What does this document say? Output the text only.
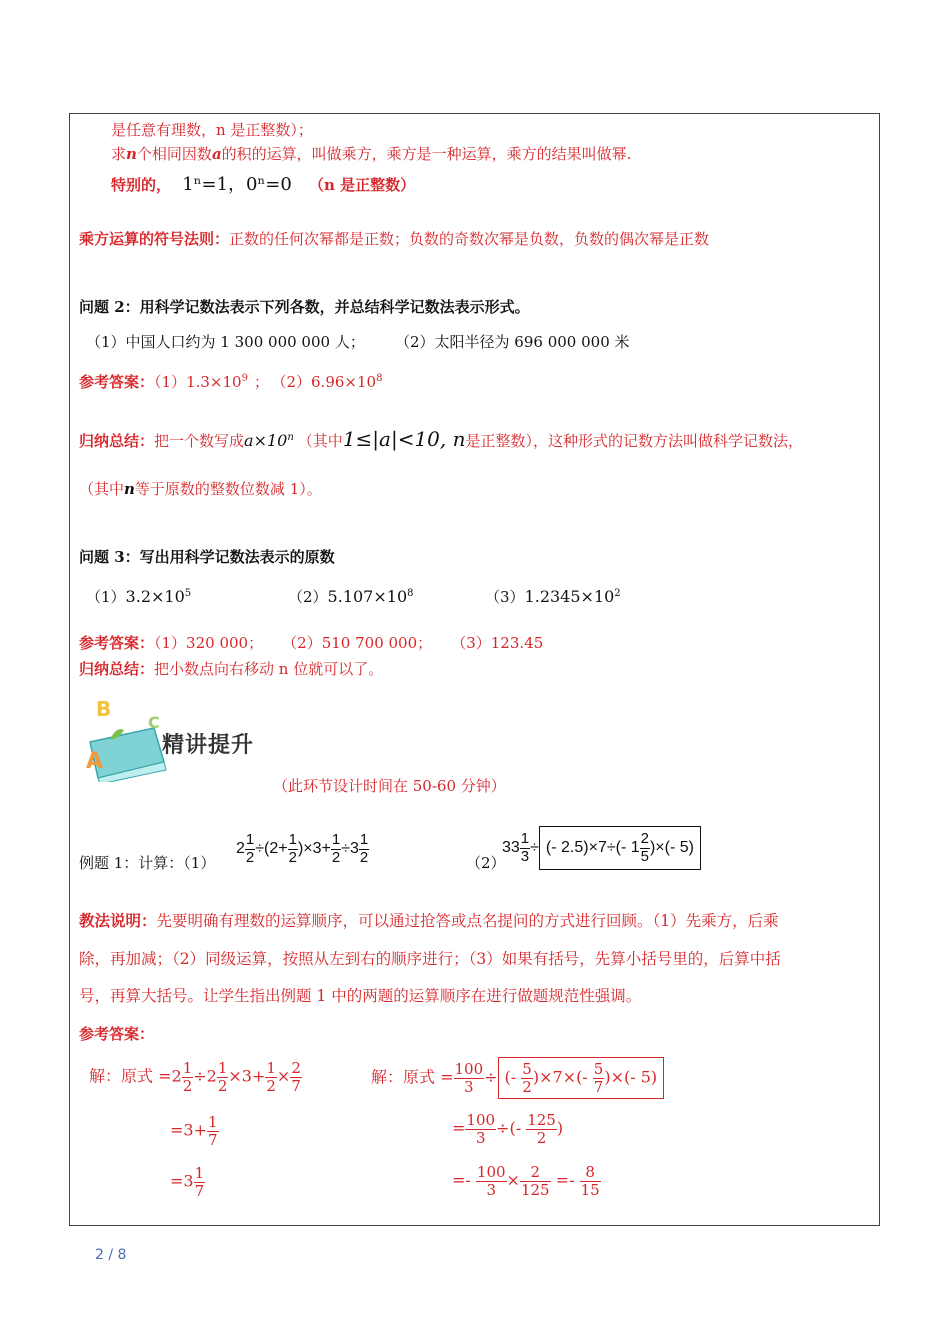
是任意有理数，n 是正整数）；
求n个相同因数a的积的运算，叫做乘方，乘方是一种运算，乘方的结果叫做幂.
特别的， 1ⁿ=1，0ⁿ=0 （n 是正整数）
乘方运算的符号法则：正数的任何次幂都是正数；负数的奇数次幂是负数，负数的偶次幂是正数
问题 2：用科学记数法表示下列各数，并总结科学记数法表示形式。
（1）中国人口约为 1 300 000 000 人； （2）太阳半径为 696 000 000 米
参考答案：$(1)1.3\times 10^9$ ； $(2)6.96\times 10^8$
归纳总结：把一个数写成$a\times 10^n$ （其中1≤|a|<10, n是正整数），这种形式的记数方法叫做科学记数法，
（其中n等于原数的整数位数减 1）。
问题 3：写出用科学记数法表示的原数
$(1)3.2\times 10^5$	$(2)5.107\times 10^8$	$(3)1.2345\times 10^2$
参考答案：（1）320 000；    （2）510 700 000；    （3）123.45
归纳总结：把小数点向右移动 n 位就可以了。
B
A
C
精讲提升
（此环节设计时间在 50-60 分钟）
例题 1：计算：（1）
$2 \frac{1}{2} \div(2+ \frac{1}{2} )\times 3+ \frac{1}{2} \div 3 \frac{1}{2}$	（2）
$33 \frac{1}{3}$ ÷ (- 2.5)×7÷(- $1 \frac{2}{5}$ )×(- 5)
教法说明：先要明确有理数的运算顺序，可以通过抢答或点名提问的方式进行回顾。（1）先乘方，后乘
除，再加减；（2）同级运算，按照从左到右的顺序进行；（3）如果有括号，先算小括号里的，后算中括
号，再算大括号。让学生指出例题 1 中的两题的运算顺序在进行做题规范性强调。
参考答案：
解：原式 $=2 \frac{1}{2} \div 2 \frac{1}{2} \times 3+ \frac{1}{2} \times \frac{2}{7}$
$=3+ \frac{1}{7}$
$=3 \frac{1}{7}$
解：原式 = $\frac{100}{3}$ ÷ (- $\frac{5}{2} )\times 7\times(- \frac{5}{7}$ )×(- 5)
= $\frac{100}{3}$ ÷(- $\frac{125}{2}$ )
=- $\frac{100}{3} \times \frac{2}{125} =- \frac{8}{15}$
2 / 8
